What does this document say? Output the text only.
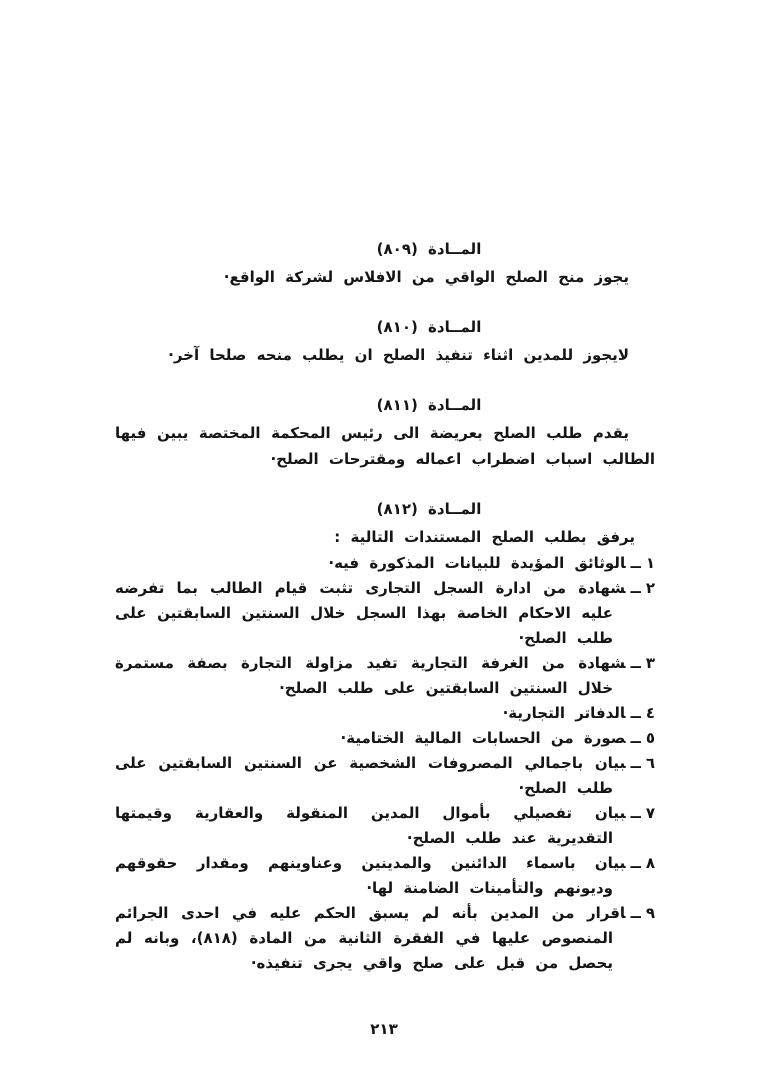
المــادة (٨٠٩)

يجوز منح الصلح الواقي من الافلاس لشركة الواقع·

المــادة (٨١٠)

لايجوز للمدين اثناء تنفيذ الصلح ان يطلب منحه صلحا آخر·

المــادة (٨١١)

يقدم طلب الصلح بعريضة الى رئيس المحكمة المختصة يبين فيها الطالب اسباب اضطراب اعماله ومقترحات الصلح·

المــادة (٨١٢)

يرفق بطلب الصلح المستندات التالية :

١ــالوثائق المؤيدة للبيانات المذكورة فيه·
٢ــشهادة من ادارة السجل التجارى تثبت قيام الطالب بما تفرضه عليه الاحكام الخاصة بهذا السجل خلال السنتين السابقتين على طلب الصلح·
٣ــشهادة من الغرفة التجارية تفيد مزاولة التجارة بصفة مستمرة خلال السنتين السابقتين على طلب الصلح·
٤ــالدفاتر التجارية·
٥ــصورة من الحسابات المالية الختامية·
٦ــبيان باجمالي المصروفات الشخصية عن السنتين السابقتين على طلب الصلح·
٧ــبيان تفصيلي بأموال المدين المنقولة والعقارية وقيمتها التقديرية عند طلب الصلح·
٨ــبيان باسماء الدائنين والمدينين وعناوينهم ومقدار حقوقهم وديونهم والتأمينات الضامنة لها·
٩ــاقرار من المدين بأنه لم يسبق الحكم عليه في احدى الجرائم المنصوص عليها في الفقرة الثانية من المادة (٨١٨)، وبانه لم يحصل من قبل على صلح واقي يجرى تنفيذه·
٢١٣
